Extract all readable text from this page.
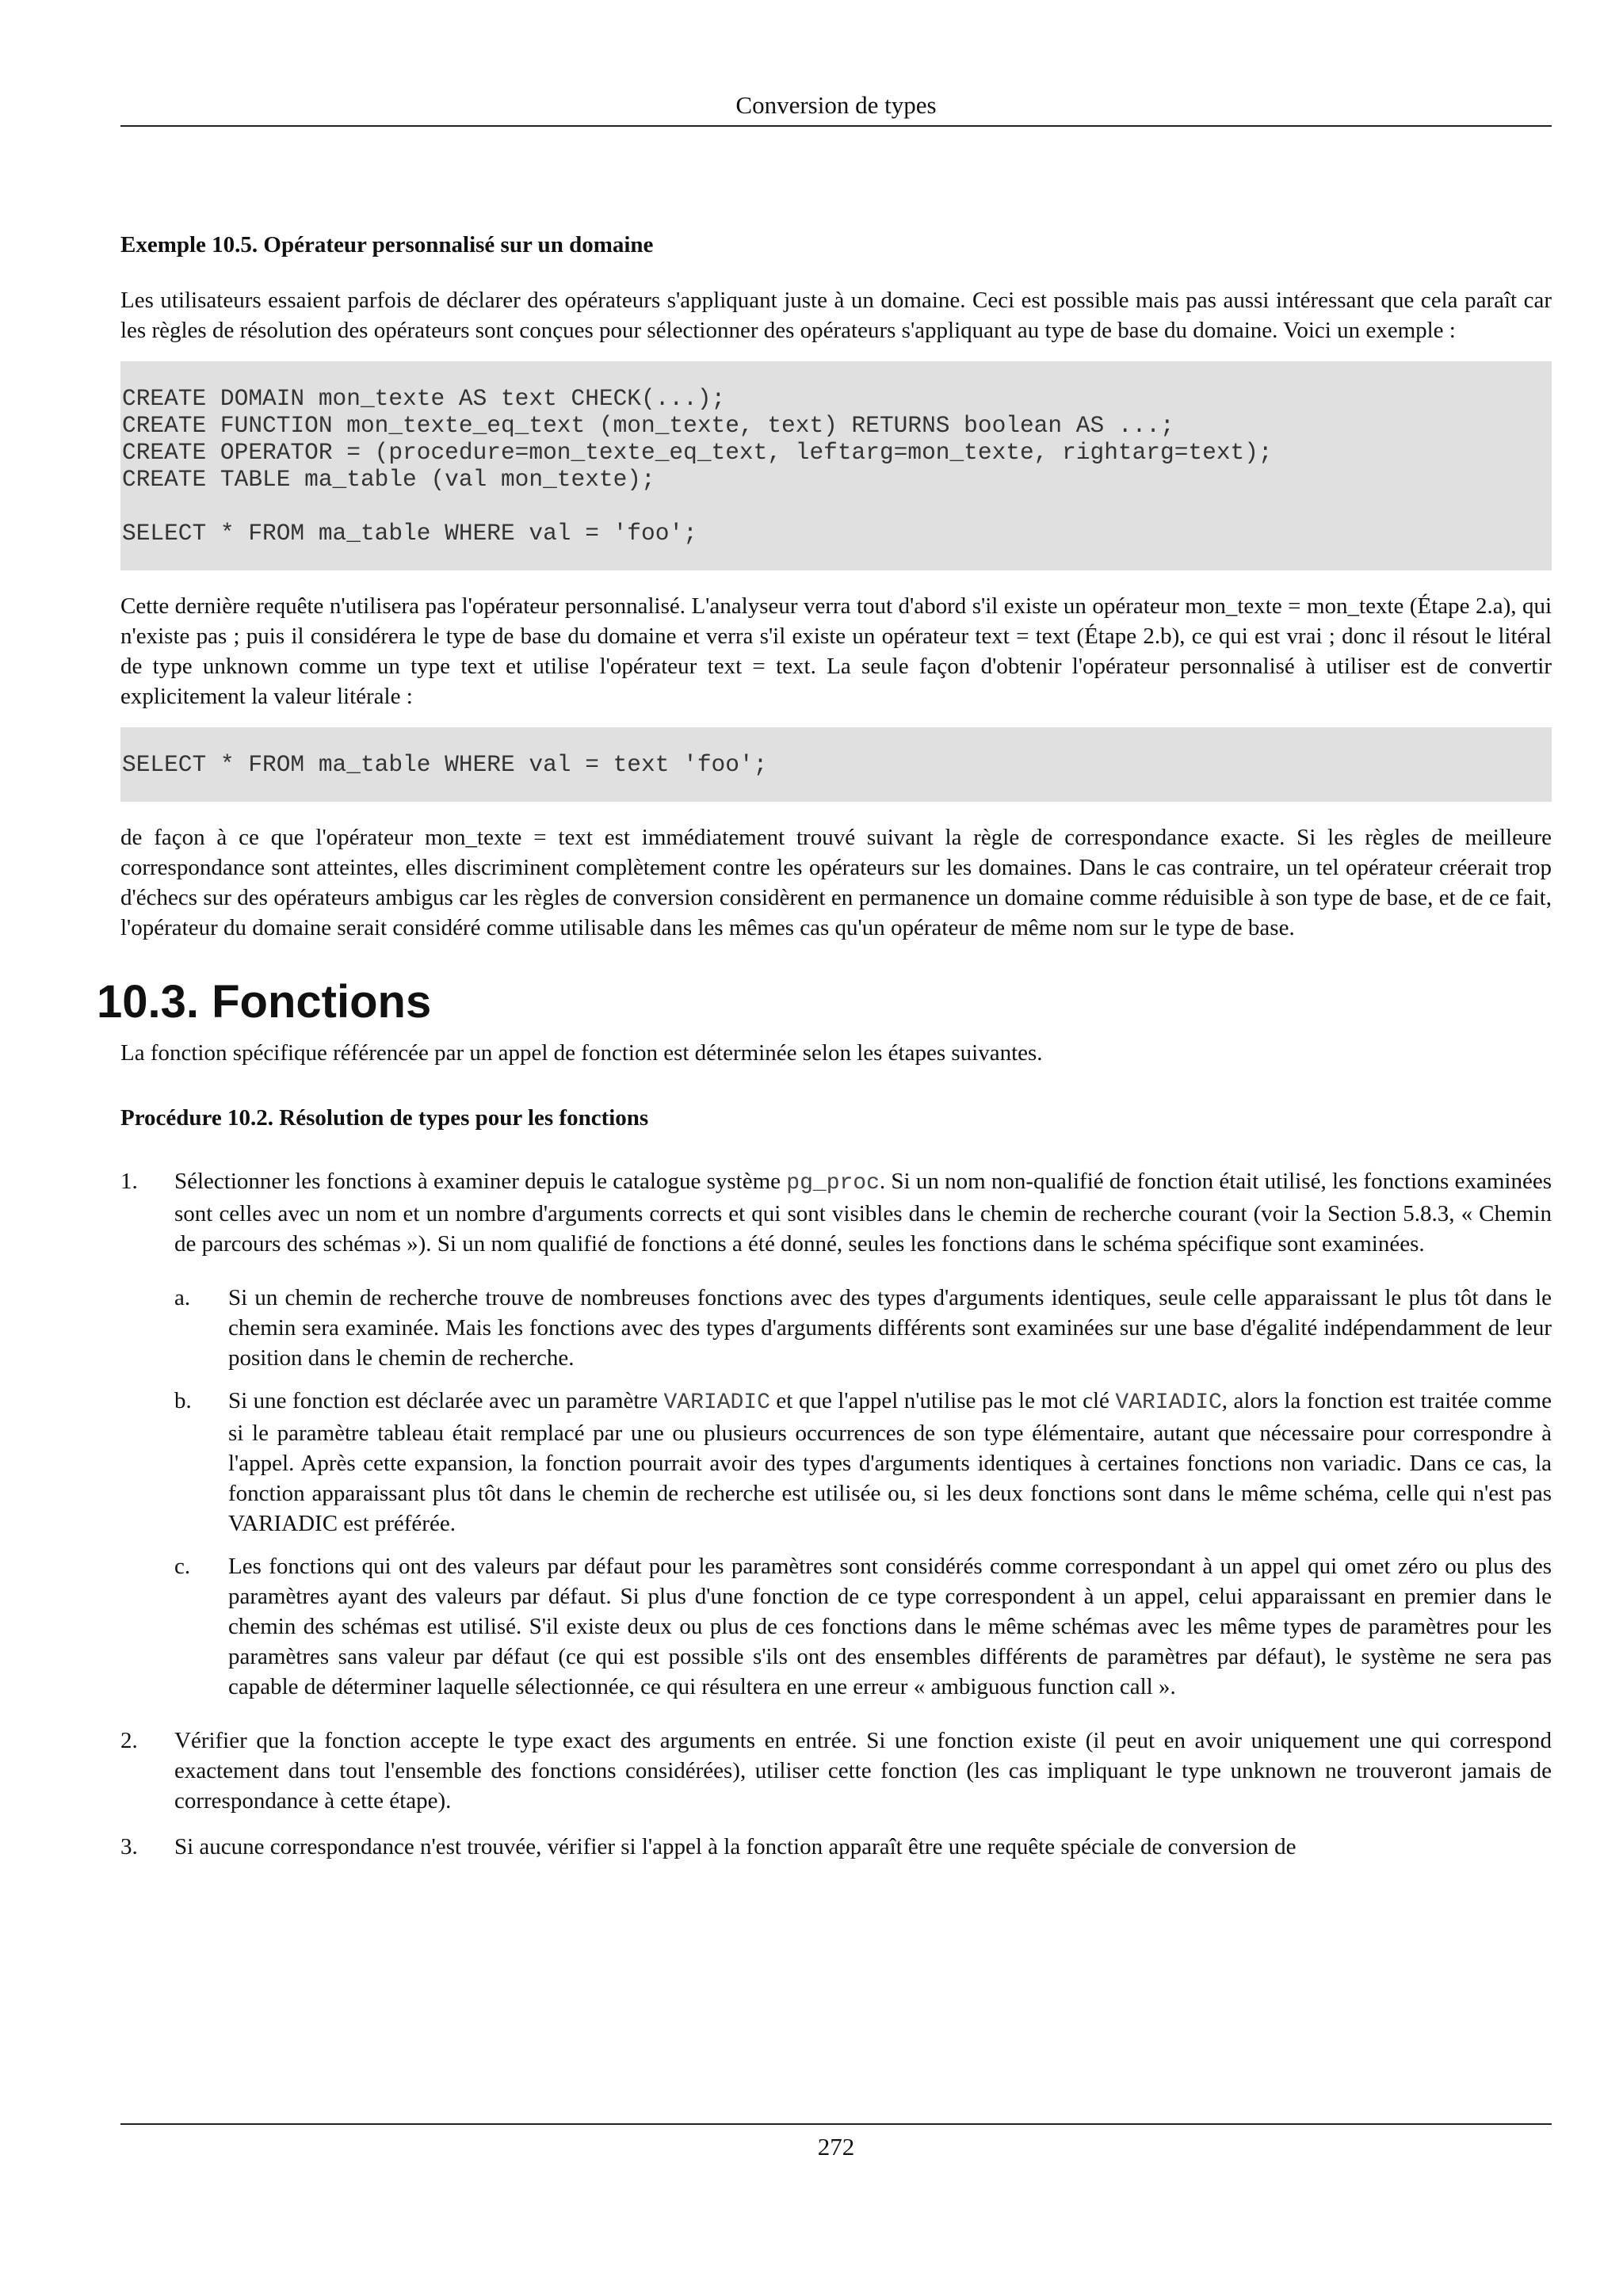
Conversion de types
Exemple 10.5. Opérateur personnalisé sur un domaine

Les utilisateurs essaient parfois de déclarer des opérateurs s'appliquant juste à un domaine. Ceci est possible mais pas aussi intéressant que cela paraît car les règles de résolution des opérateurs sont conçues pour sélectionner des opérateurs s'appliquant au type de base du domaine. Voici un exemple :

CREATE DOMAIN mon_texte AS text CHECK(...);
CREATE FUNCTION mon_texte_eq_text (mon_texte, text) RETURNS boolean AS ...;
CREATE OPERATOR = (procedure=mon_texte_eq_text, leftarg=mon_texte, rightarg=text);
CREATE TABLE ma_table (val mon_texte);
SELECT * FROM ma_table WHERE val = 'foo';

Cette dernière requête n'utilisera pas l'opérateur personnalisé. L'analyseur verra tout d'abord s'il existe un opérateur mon_texte = mon_texte (Étape 2.a), qui n'existe pas ; puis il considérera le type de base du domaine et verra s'il existe un opérateur text = text (Étape 2.b), ce qui est vrai ; donc il résout le litéral de type unknown comme un type text et utilise l'opérateur text = text. La seule façon d'obtenir l'opérateur personnalisé à utiliser est de convertir explicitement la valeur litérale :

SELECT * FROM ma_table WHERE val = text 'foo';

de façon à ce que l'opérateur mon_texte = text est immédiatement trouvé suivant la règle de correspondance exacte. Si les règles de meilleure correspondance sont atteintes, elles discriminent complètement contre les opérateurs sur les domaines. Dans le cas contraire, un tel opérateur créerait trop d'échecs sur des opérateurs ambigus car les règles de conversion considèrent en permanence un domaine comme réduisible à son type de base, et de ce fait, l'opérateur du domaine serait considéré comme utilisable dans les mêmes cas qu'un opérateur de même nom sur le type de base.

10.3. Fonctions

La fonction spécifique référencée par un appel de fonction est déterminée selon les étapes suivantes.

Procédure 10.2. Résolution de types pour les fonctions
1. Sélectionner les fonctions à examiner depuis le catalogue système pg_proc. Si un nom non-qualifié de fonction était utilisé, les fonctions examinées sont celles avec un nom et un nombre d'arguments corrects et qui sont visibles dans le chemin de recherche courant (voir la Section 5.8.3, « Chemin de parcours des schémas »). Si un nom qualifié de fonctions a été donné, seules les fonctions dans le schéma spécifique sont examinées.

a. Si un chemin de recherche trouve de nombreuses fonctions avec des types d'arguments identiques, seule celle apparaissant le plus tôt dans le chemin sera examinée. Mais les fonctions avec des types d'arguments différents sont examinées sur une base d'égalité indépendamment de leur position dans le chemin de recherche.

b. Si une fonction est déclarée avec un paramètre VARIADIC et que l'appel n'utilise pas le mot clé VARIADIC, alors la fonction est traitée comme si le paramètre tableau était remplacé par une ou plusieurs occurrences de son type élémentaire, autant que nécessaire pour correspondre à l'appel. Après cette expansion, la fonction pourrait avoir des types d'arguments identiques à certaines fonctions non variadic. Dans ce cas, la fonction apparaissant plus tôt dans le chemin de recherche est utilisée ou, si les deux fonctions sont dans le même schéma, celle qui n'est pas VARIADIC est préférée.

c. Les fonctions qui ont des valeurs par défaut pour les paramètres sont considérés comme correspondant à un appel qui omet zéro ou plus des paramètres ayant des valeurs par défaut. Si plus d'une fonction de ce type correspondent à un appel, celui apparaissant en premier dans le chemin des schémas est utilisé. S'il existe deux ou plus de ces fonctions dans le même schémas avec les même types de paramètres pour les paramètres sans valeur par défaut (ce qui est possible s'ils ont des ensembles différents de paramètres par défaut), le système ne sera pas capable de déterminer laquelle sélectionnée, ce qui résultera en une erreur « ambiguous function call ».

2. Vérifier que la fonction accepte le type exact des arguments en entrée. Si une fonction existe (il peut en avoir uniquement une qui correspond exactement dans tout l'ensemble des fonctions considérées), utiliser cette fonction (les cas impliquant le type unknown ne trouveront jamais de correspondance à cette étape).

3. Si aucune correspondance n'est trouvée, vérifier si l'appel à la fonction apparaît être une requête spéciale de conversion de

272
